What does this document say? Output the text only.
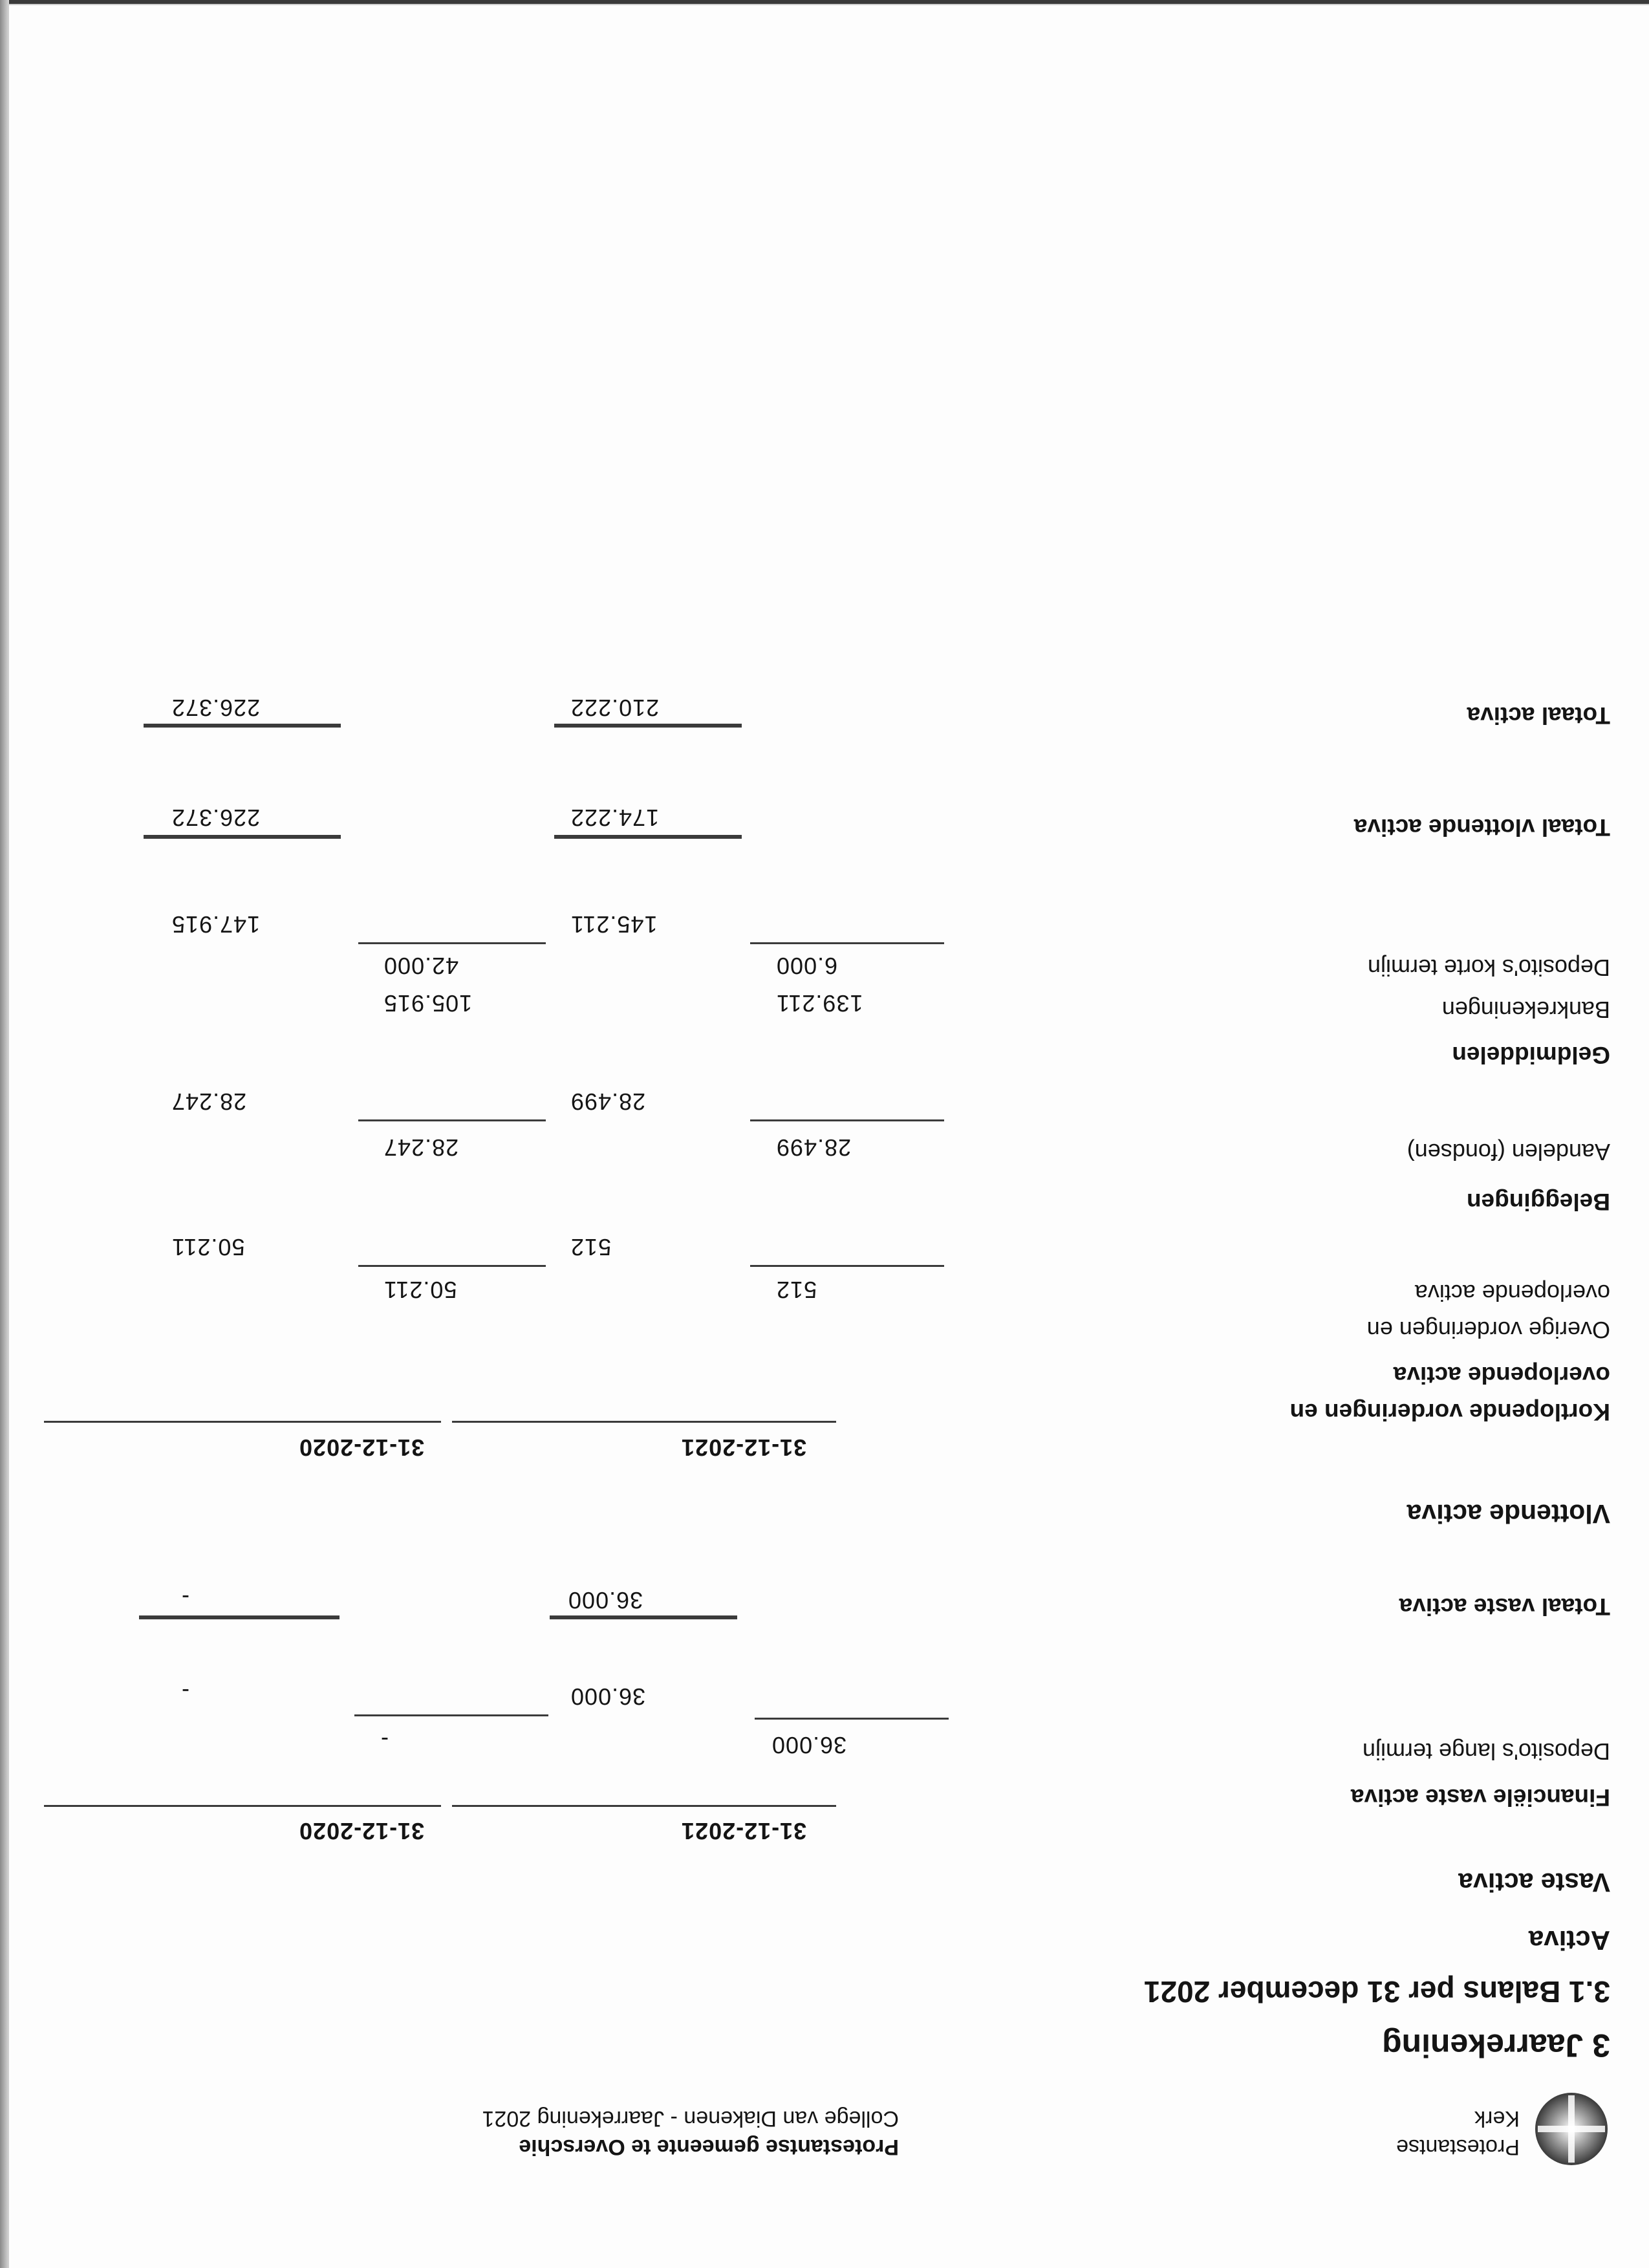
Protestantse
Kerk
Protestantse gemeente te Overschie
College van Diakenen - Jaarrekening 2021
3 Jaarrekening
3.1 Balans per 31 december 2021
Activa
Vaste activa
31-12-2021
31-12-2020
Financiële vaste activa
Deposito's lange termijn
36.000
-
36.000
-
Totaal vaste activa
36.000
-
Vlottende activa
31-12-2021
31-12-2020
Kortlopende vorderingen en
overlopende activa
Overige vorderingen en
overlopende activa
512
50.211
512
50.211
Beleggingen
Aandelen (fondsen)
28.499
28.247
28.499
28.247
Geldmiddelen
Bankrekeningen
139.211
105.915
Deposito's korte termijn
6.000
42.000
145.211
147.915
Totaal vlottende activa
174.222
226.372
Totaal activa
210.222
226.372
